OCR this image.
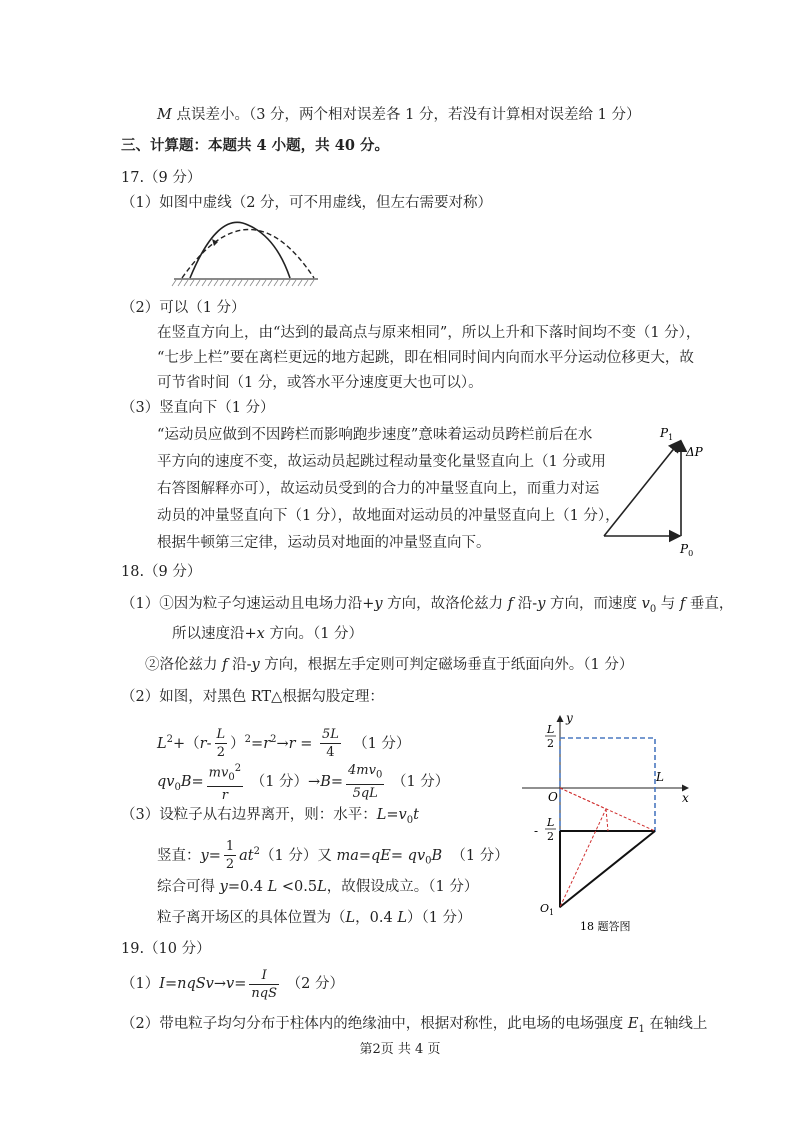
M 点误差小。（3 分，两个相对误差各 1 分，若没有计算相对误差给 1 分）
三、计算题：本题共 4 小题，共 40 分。
17.（9 分）
（1）如图中虚线（2 分，可不用虚线，但左右需要对称）
（2）可以（1 分）
在竖直方向上，由“达到的最高点与原来相同”，所以上升和下落时间均不变（1 分），
“七步上栏”要在离栏更远的地方起跳，即在相同时间内向而水平分运动位移更大，故
可节省时间（1 分，或答水平分速度更大也可以）。
（3）竖直向下（1 分）
“运动员应做到不因跨栏而影响跑步速度”意味着运动员跨栏前后在水
平方向的速度不变，故运动员起跳过程动量变化量竖直向上（1 分或用
右答图解释亦可），故运动员受到的合力的冲量竖直向上，而重力对运
动员的冲量竖直向下（1 分），故地面对运动员的冲量竖直向上（1 分），
根据牛顿第三定律，运动员对地面的冲量竖直向下。
$P_1$
ΔP
$P_0$
18.（9 分）
（1）①因为粒子匀速运动且电场力沿+y 方向，故洛伦兹力 f 沿-y 方向，而速度 $v_0$ 与 f 垂直，
所以速度沿+x 方向。（1 分）
②洛伦兹力 f 沿-y 方向，根据左手定则可判定磁场垂直于纸面向外。（1 分）
（2）如图，对黑色 RT△根据勾股定理：
$L^2+(r- \frac{L}{2} )^2=r^2\to r = \frac{5L}{4} (1$ 分）
$qv_0B= \frac{mv_0^2}{r} (1$ 分）$\to B= \frac{4mv_0}{5qL} (1$ 分）
（3）设粒子从右边界离开，则：水平：$L=v_0t$
竖直：$y= \frac{1}{2} at^2(1$ 分）又 $ma=qE= qv_0B$ （1 分）
综合可得 y=0.4 L <0.5L，故假设成立。（1 分）
粒子离开场区的具体位置为（L，0.4 L）（1 分）
y
x
O
L
L
2
-
L
2
$O_1$
18 题答图
19.（10 分）
（1）I=nqSv→v= $\frac{I}{\text{nqS}} (2$ 分）
（2）带电粒子均匀分布于柱体内的绝缘油中，根据对称性，此电场的电场强度 $E_1$ 在轴线上
第2页 共 4 页
